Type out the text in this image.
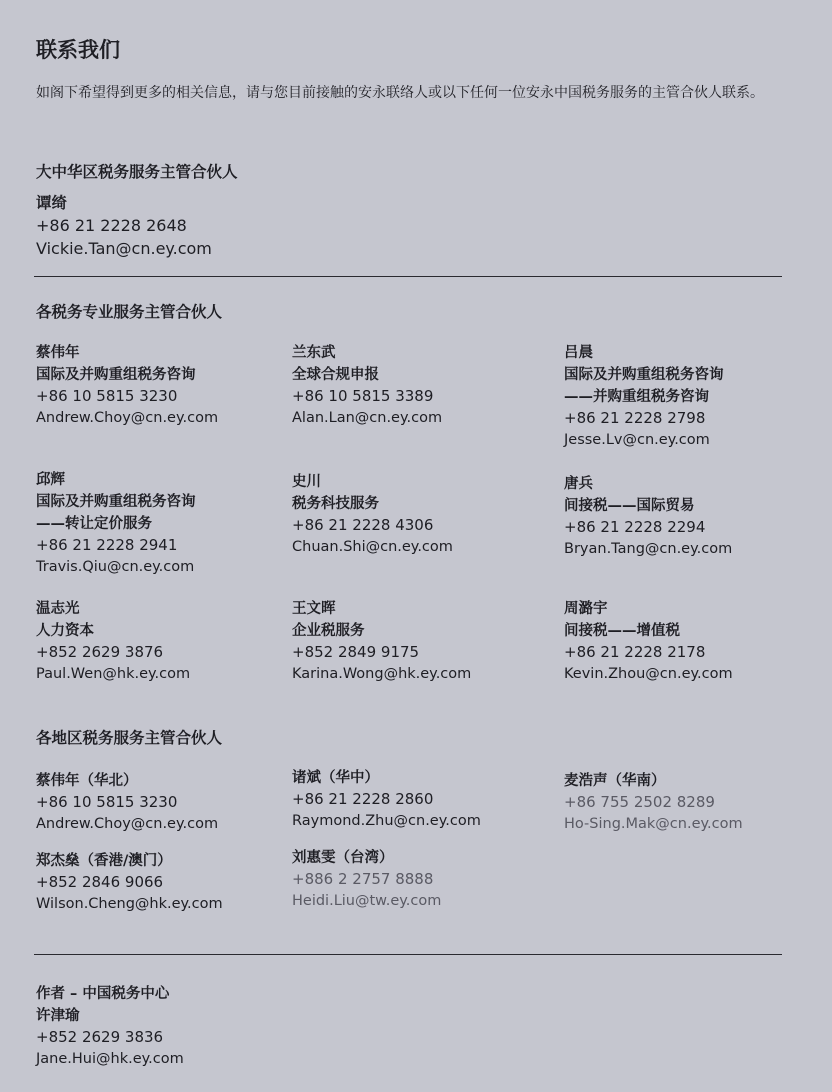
联系我们

如阁下希望得到更多的相关信息，请与您目前接触的安永联络人或以下任何一位安永中国税务服务的主管合伙人联系。

大中华区税务服务主管合伙人
谭绮
+86 21 2228 2648
Vickie.Tan@cn.ey.com
各税务专业服务主管合伙人
蔡伟年
国际及并购重组税务咨询
+86 10 5815 3230
Andrew.Choy@cn.ey.com
兰东武
全球合规申报
+86 10 5815 3389
Alan.Lan@cn.ey.com
吕晨
国际及并购重组税务咨询
——并购重组税务咨询
+86 21 2228 2798
Jesse.Lv@cn.ey.com
邱辉
国际及并购重组税务咨询
——转让定价服务
+86 21 2228 2941
Travis.Qiu@cn.ey.com
史川
税务科技服务
+86 21 2228 4306
Chuan.Shi@cn.ey.com
唐兵
间接税——国际贸易
+86 21 2228 2294
Bryan.Tang@cn.ey.com
温志光
人力资本
+852 2629 3876
Paul.Wen@hk.ey.com
王文晖
企业税服务
+852 2849 9175
Karina.Wong@hk.ey.com
周潞宇
间接税——增值税
+86 21 2228 2178
Kevin.Zhou@cn.ey.com
各地区税务服务主管合伙人
蔡伟年（华北）
+86 10 5815 3230
Andrew.Choy@cn.ey.com
诸斌（华中）
+86 21 2228 2860
Raymond.Zhu@cn.ey.com
麦浩声（华南）
+86 755 2502 8289
Ho-Sing.Mak@cn.ey.com
郑杰燊（香港/澳门）
+852 2846 9066
Wilson.Cheng@hk.ey.com
刘惠雯（台湾）
+886 2 2757 8888
Heidi.Liu@tw.ey.com
作者 – 中国税务中心
许津瑜
+852 2629 3836
Jane.Hui@hk.ey.com
